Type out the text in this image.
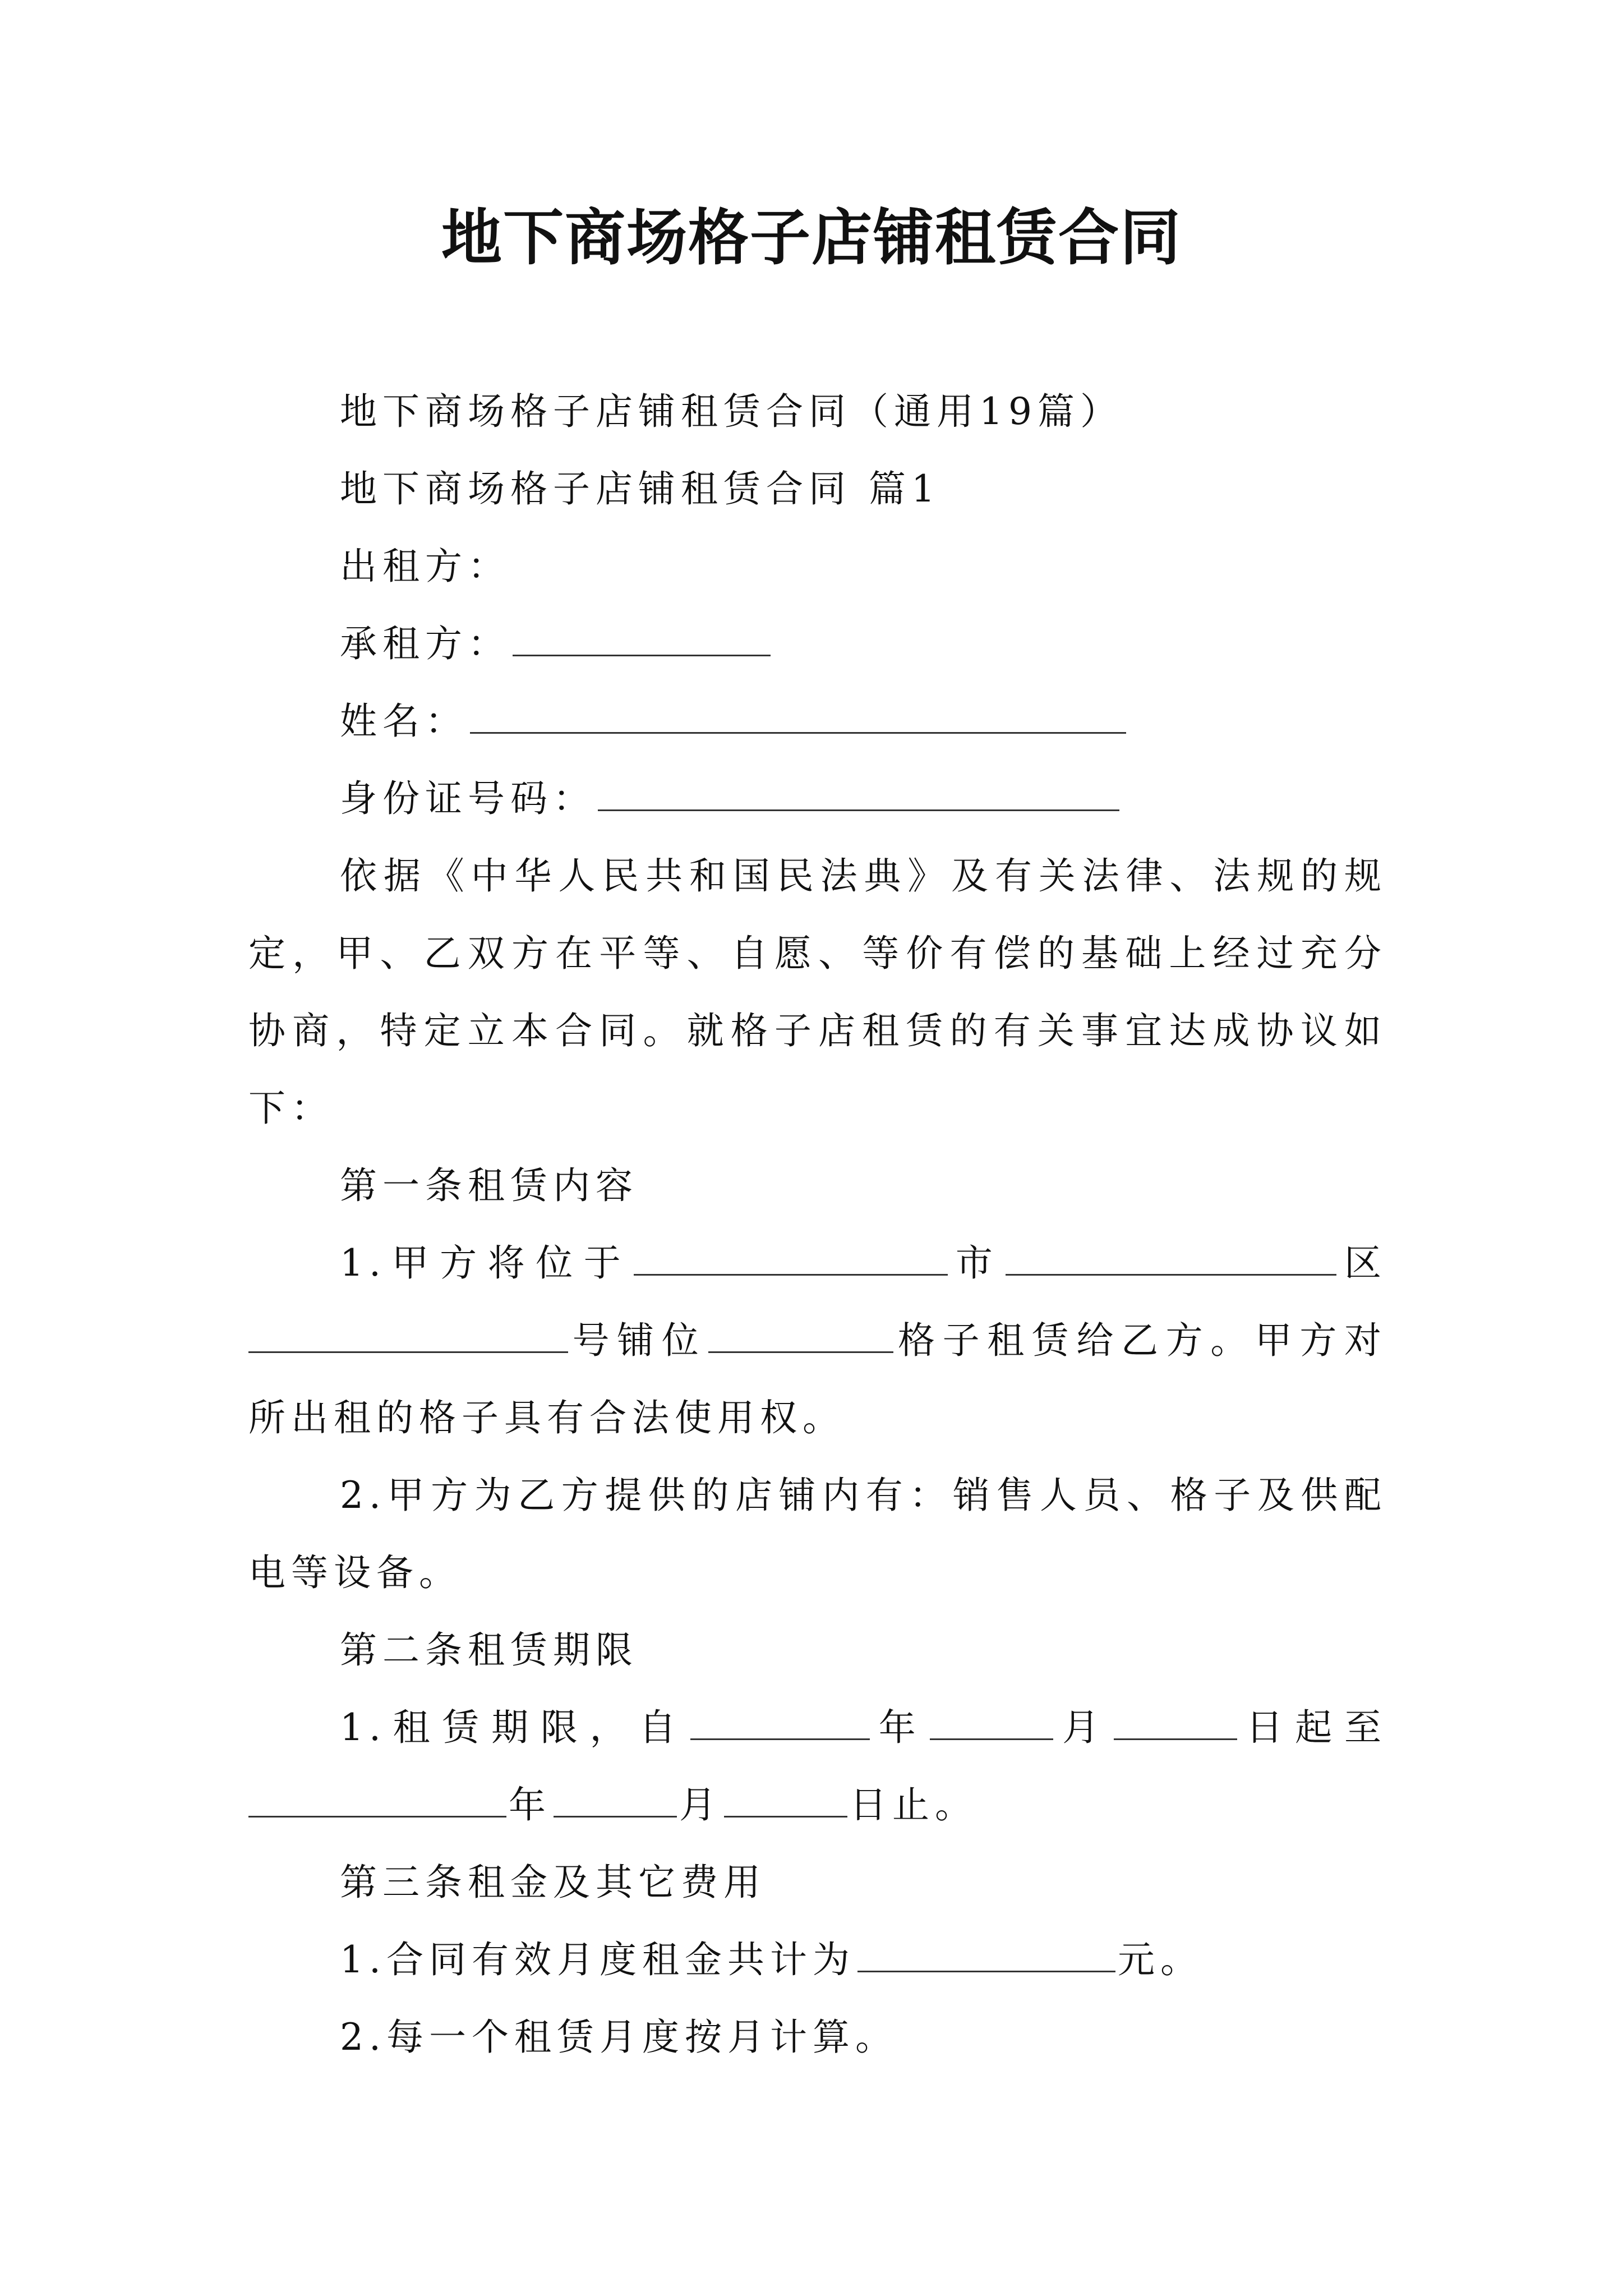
地下商场格子店铺租赁合同

地下商场格子店铺租赁合同（通用19篇）

地下商场格子店铺租赁合同 篇1

出租方：

承租方：

姓名：

身份证号码：

依据《中华人民共和国民法典》及有关法律、法规的规定，甲、乙双方在平等、自愿、等价有偿的基础上经过充分协商，特定立本合同。就格子店租赁的有关事宜达成协议如下：

第一条租赁内容

1.甲方将位于	市	区号铺位	格子租赁给乙方。甲方对所出租的格子具有合法使用权。

2.甲方为乙方提供的店铺内有：销售人员、格子及供配电等设备。

第二条租赁期限

1.租赁期限，自	年	月	日起至年	月	日止。

第三条租金及其它费用

1.合同有效月度租金共计为	元。

2.每一个租赁月度按月计算。
